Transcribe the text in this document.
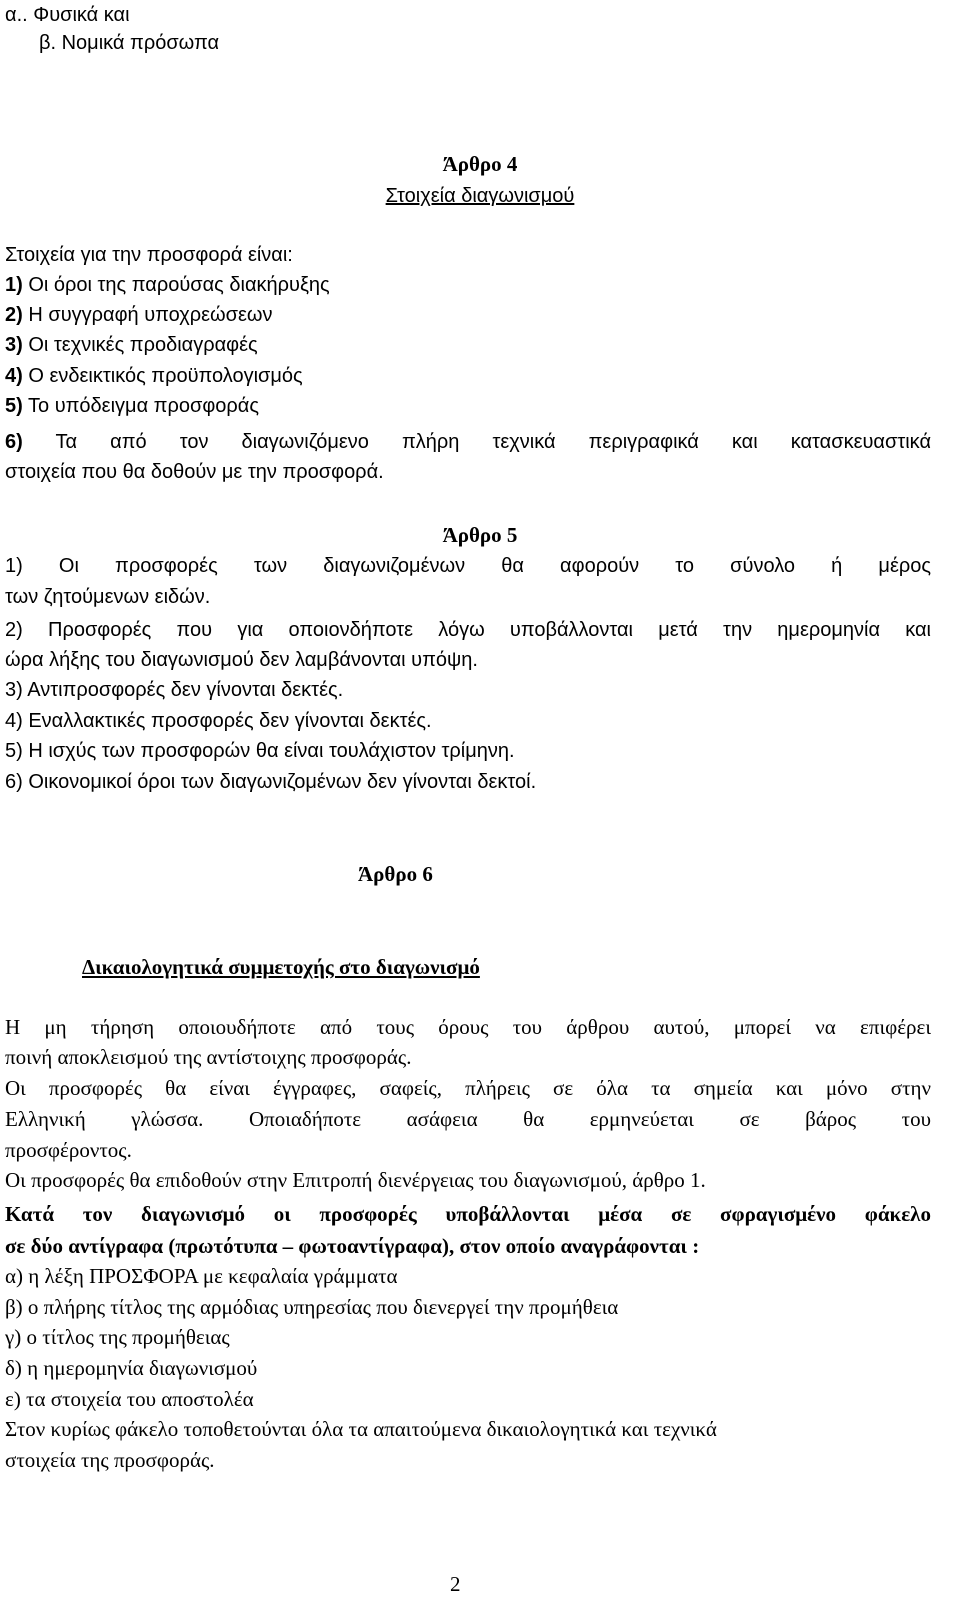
α.. Φυσικά και
β. Νομικά πρόσωπα
Άρθρο 4
Στοιχεία διαγωνισμού
Στοιχεία για την προσφορά είναι:
1) Οι όροι της παρούσας διακήρυξης
2) Η συγγραφή υποχρεώσεων
3) Οι τεχνικές προδιαγραφές
4) Ο ενδεικτικός προϋπολογισμός
5) Το υπόδειγμα προσφοράς
6) Τα από τον διαγωνιζόμενο πλήρη τεχνικά περιγραφικά και κατασκευαστικά
στοιχεία που θα δοθούν με την προσφορά.
Άρθρο 5
1) Οι προσφορές των διαγωνιζομένων θα αφορούν το σύνολο ή μέρος
των ζητούμενων ειδών.
2) Προσφορές που για οποιονδήποτε λόγω υποβάλλονται μετά την ημερομηνία και
ώρα λήξης του διαγωνισμού δεν λαμβάνονται υπόψη.
3) Αντιπροσφορές δεν γίνονται δεκτές.
4) Εναλλακτικές προσφορές δεν γίνονται δεκτές.
5) Η ισχύς των προσφορών θα είναι τουλάχιστον τρίμηνη.
6) Οικονομικοί όροι των διαγωνιζομένων δεν γίνονται δεκτοί.
Άρθρο 6
Δικαιολογητικά συμμετοχής στο διαγωνισμό
Η μη τήρηση οποιουδήποτε από τους όρους του άρθρου αυτού, μπορεί να επιφέρει
ποινή αποκλεισμού της αντίστοιχης προσφοράς.
Οι προσφορές θα είναι έγγραφες, σαφείς, πλήρεις σε όλα τα σημεία και μόνο στην
Ελληνική γλώσσα. Οποιαδήποτε ασάφεια θα ερμηνεύεται σε βάρος του
προσφέροντος.
Οι προσφορές θα επιδοθούν στην Επιτροπή διενέργειας του διαγωνισμού, άρθρο 1.
Κατά τον διαγωνισμό οι προσφορές υποβάλλονται μέσα σε σφραγισμένο φάκελο
σε δύο αντίγραφα (πρωτότυπα – φωτοαντίγραφα), στον οποίο αναγράφονται :
α) η λέξη ΠΡΟΣΦΟΡΑ με κεφαλαία γράμματα
β) ο πλήρης τίτλος της αρμόδιας υπηρεσίας που διενεργεί την προμήθεια
γ) ο τίτλος της προμήθειας
δ) η ημερομηνία διαγωνισμού
ε) τα στοιχεία του αποστολέα
Στον κυρίως φάκελο τοποθετούνται όλα τα απαιτούμενα δικαιολογητικά και τεχνικά
στοιχεία της προσφοράς.
2
